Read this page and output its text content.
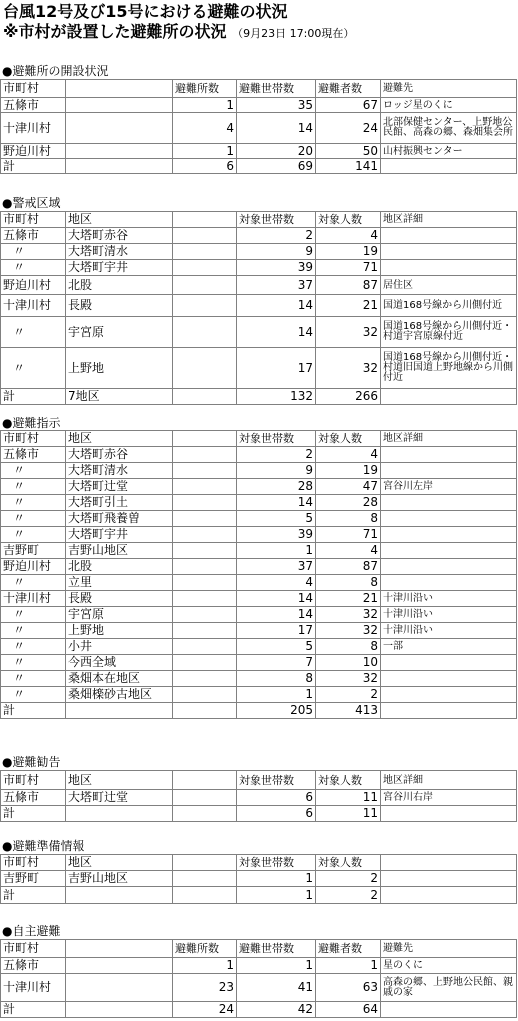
台風12号及び15号における避難の状況
※市村が設置した避難所の状況 （9月23日 17:00現在）
●避難所の開設状況
市町村		避難所数	避難世帯数	避難者数	避難先
五條市		1	35	67	ロッジ星のくに
十津川村		4	14	24	北部保健センター、上野地公民館、高森の郷、森畑集会所
野迫川村		1	20	50	山村振興センター
計		6	69	141	
●警戒区域
市町村	地区		対象世帯数	対象人数	地区詳細
五條市	大塔町赤谷		2	4	
〃	大塔町清水		9	19	
〃	大塔町宇井		39	71	
野迫川村	北股		37	87	居住区
十津川村	長殿		14	21	国道168号線から川側付近
〃	宇宮原		14	32	国道168号線から川側付近・村道宇宮原線付近
〃	上野地		17	32	国道168号線から川側付近・村道旧国道上野地線から川側付近
計	7地区		132	266	
●避難指示
市町村	地区		対象世帯数	対象人数	地区詳細
五條市	大塔町赤谷		2	4	
〃	大塔町清水		9	19	
〃	大塔町辻堂		28	47	宮谷川左岸
〃	大塔町引土		14	28	
〃	大塔町飛養曽		5	8	
〃	大塔町宇井		39	71	
吉野町	吉野山地区		1	4	
野迫川村	北股		37	87	
〃	立里		4	8	
十津川村	長殿		14	21	十津川沿い
〃	宇宮原		14	32	十津川沿い
〃	上野地		17	32	十津川沿い
〃	小井		5	8	一部
〃	今西全域		7	10	
〃	桑畑本在地区		8	32	
〃	桑畑檪砂古地区		1	2	
計			205	413	
●避難勧告
市町村	地区		対象世帯数	対象人数	地区詳細
五條市	大塔町辻堂		6	11	宮谷川右岸
計			6	11	
●避難準備情報
市町村	地区		対象世帯数	対象人数	
吉野町	吉野山地区		1	2	
計			1	2	
●自主避難
市町村		避難所数	避難世帯数	避難者数	避難先
五條市		1	1	1	星のくに
十津川村		23	41	63	高森の郷、上野地公民館、親戚の家
計		24	42	64	
